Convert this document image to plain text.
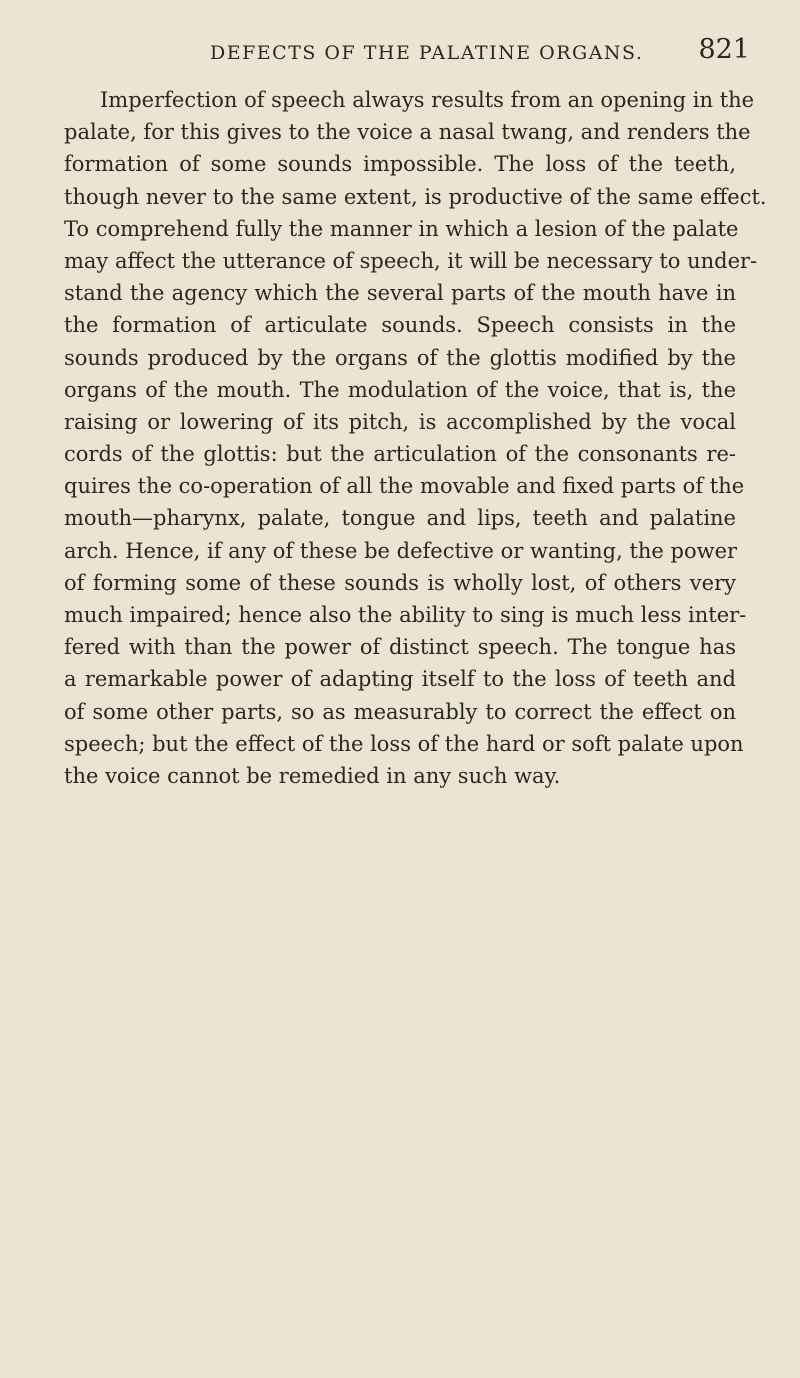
DEFECTS OF THE PALATINE ORGANS. 821
Imperfection of speech always results from an opening in the
palate, for this gives to the voice a nasal twang, and renders the
formation of some sounds impossible. The loss of the teeth,
though never to the same extent, is productive of the same effect.
To comprehend fully the manner in which a lesion of the palate
may affect the utterance of speech, it will be necessary to under-
stand the agency which the several parts of the mouth have in
the formation of articulate sounds. Speech consists in the
sounds produced by the organs of the glottis modified by the
organs of the mouth. The modulation of the voice, that is, the
raising or lowering of its pitch, is accomplished by the vocal
cords of the glottis: but the articulation of the consonants re-
quires the co-operation of all the movable and fixed parts of the
mouth—pharynx, palate, tongue and lips, teeth and palatine
arch. Hence, if any of these be defective or wanting, the power
of forming some of these sounds is wholly lost, of others very
much impaired; hence also the ability to sing is much less inter-
fered with than the power of distinct speech. The tongue has
a remarkable power of adapting itself to the loss of teeth and
of some other parts, so as measurably to correct the effect on
speech; but the effect of the loss of the hard or soft palate upon
the voice cannot be remedied in any such way.
